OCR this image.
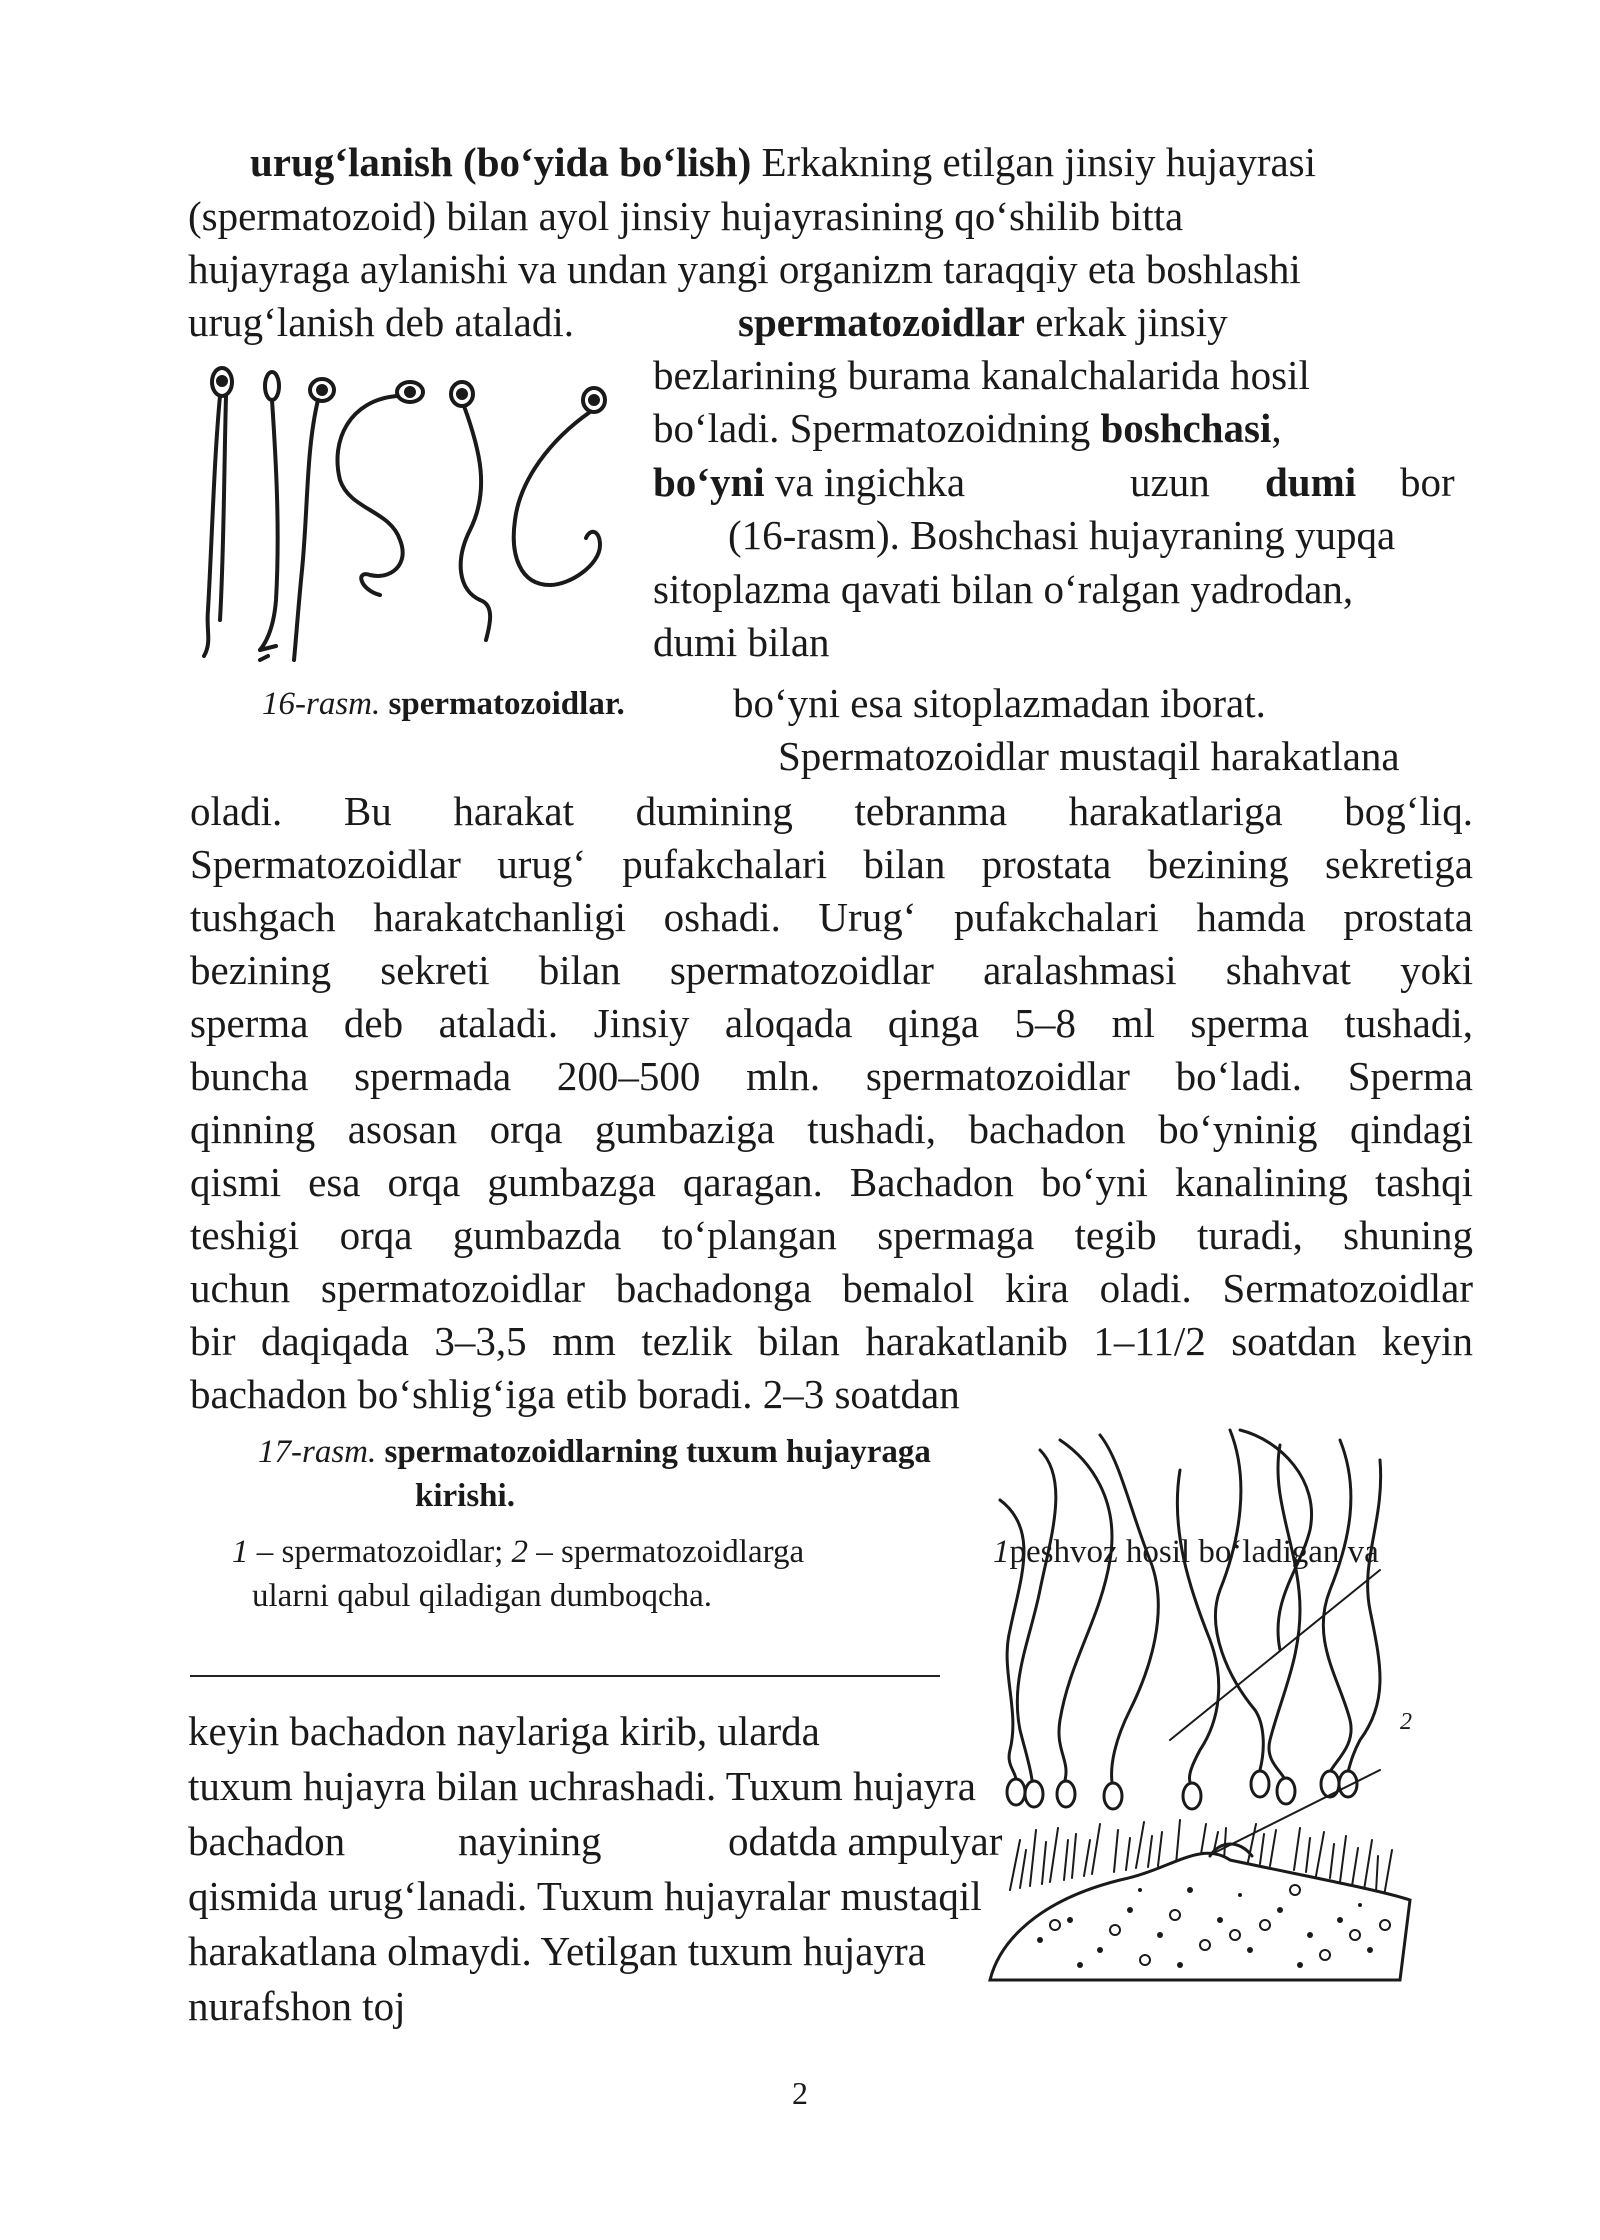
urug‘lanish (bo‘yida bo‘lish) Erkakning etilgan jinsiy hujayrasi

(spermatozoid) bilan ayol jinsiy hujayrasining qo‘shilib bitta

hujayraga aylanishi va undan yangi organizm taraqqiy eta boshlashi

urug‘lanish deb ataladi.	spermatozoidlar erkak jinsiy

bezlarining burama kanalchalarida hosil

bo‘ladi. Spermatozoidning boshchasi,

bo‘yni va ingichka	uzun dumi bor

(16-rasm). Boshchasi hujayraning yupqa

sitoplazma qavati bilan o‘ralgan yadrodan,

dumi bilan

16-rasm. spermatozoidlar.	bo‘yni esa sitoplazmadan iborat.

Spermatozoidlar mustaqil harakatlana

oladi. Bu harakat dumining tebranma harakatlariga bog‘liq.

Spermatozoidlar urug‘ pufakchalari bilan prostata bezining sekretiga

tushgach harakatchanligi oshadi. Urug‘ pufakchalari hamda prostata

bezining sekreti bilan spermatozoidlar aralashmasi shahvat yoki

sperma deb ataladi. Jinsiy aloqada qinga 5–8 ml sperma tushadi,

buncha spermada 200–500 mln. spermatozoidlar bo‘ladi. Sperma

qinning asosan orqa gumbaziga tushadi, bachadon bo‘yninig qindagi

qismi esa orqa gumbazga qaragan. Bachadon bo‘yni kanalining tashqi

teshigi orqa gumbazda to‘plangan spermaga tegib turadi, shuning

uchun spermatozoidlar bachadonga bemalol kira oladi. Sermatozoidlar

bir daqiqada 3–3,5 mm tezlik bilan harakatlanib 1–11/2 soatdan keyin

bachadon bo‘shlig‘iga etib boradi. 2–3 soatdan

17-rasm. spermatozoidlarning tuxum hujayraga
kirishi.
1 – spermatozoidlar; 2 – spermatozoidlarga
ularni qabul qiladigan dumboqcha.
1peshvoz hosil bo‘ladigan va
2

keyin bachadon naylariga kirib, ularda

tuxum hujayra bilan uchrashadi. Tuxum hujayra

bachadon	nayining	odatda ampulyar

qismida urug‘lanadi. Tuxum hujayralar mustaqil

harakatlana olmaydi. Yetilgan tuxum hujayra

nurafshon toj

2
